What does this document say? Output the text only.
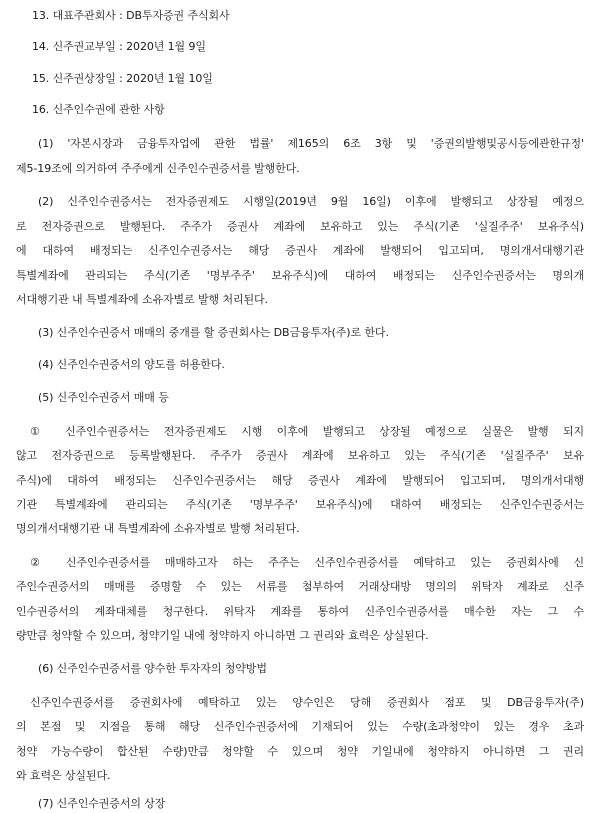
13. 대표주관회사 : DB투자증권 주식회사
14. 신주권교부일 : 2020년 1월 9일
15. 신주권상장일 : 2020년 1월 10일
16. 신주인수권에 관한 사항
(1) '자본시장과 금융투자업에 관한 법률' 제165의 6조 3항 및 '증권의발행및공시등에관한규정'
제5-19조에 의거하여 주주에게 신주인수권증서를 발행한다.
(2) 신주인수권증서는 전자증권제도 시행일(2019년 9월 16일) 이후에 발행되고 상장될 예정으
로 전자증권으로 발행된다. 주주가 증권사 계좌에 보유하고 있는 주식(기존 '실질주주' 보유주식)
에 대하여 배정되는 신주인수권증서는 해당 증권사 계좌에 발행되어 입고되며, 명의개서대행기관
특별계좌에 관리되는 주식(기존 '명부주주' 보유주식)에 대하여 배정되는 신주인수권증서는 명의개
서대행기관 내 특별계좌에 소유자별로 발행 처리된다.
(3) 신주인수권증서 매매의 중개를 할 증권회사는 DB금융투자(주)로 한다.
(4) 신주인수권증서의 양도를 허용한다.
(5) 신주인수권증서 매매 등
① 신주인수권증서는 전자증권제도 시행 이후에 발행되고 상장될 예정으로 실물은 발행 되지
않고 전자증권으로 등록발행된다. 주주가 증권사 계좌에 보유하고 있는 주식(기존 '실질주주' 보유
주식)에 대하여 배정되는 신주인수권증서는 해당 증권사 계좌에 발행되어 입고되며, 명의개서대행
기관 특별계좌에 관리되는 주식(기존 '명부주주' 보유주식)에 대하여 배정되는 신주인수권증서는
명의개서대행기관 내 특별계좌에 소유자별로 발행 처리된다.
② 신주인수권증서를 매매하고자 하는 주주는 신주인수권증서를 예탁하고 있는 증권회사에 신
주인수권증서의 매매를 증명할 수 있는 서류를 첨부하여 거래상대방 명의의 위탁자 계좌로 신주
인수권증서의 계좌대체를 청구한다. 위탁자 계좌를 통하여 신주인수권증서를 매수한 자는 그 수
량만큼 청약할 수 있으며, 청약기일 내에 청약하지 아니하면 그 권리와 효력은 상실된다.
(6) 신주인수권증서를 양수한 투자자의 청약방법
신주인수권증서를 증권회사에 예탁하고 있는 양수인은 당해 증권회사 점포 및 DB금융투자(주)
의 본점 및 지점을 통해 해당 신주인수권증서에 기재되어 있는 수량(초과청약이 있는 경우 초과
청약 가능수량이 합산된 수량)만큼 청약할 수 있으며 청약 기일내에 청약하지 아니하면 그 권리
와 효력은 상실된다.
(7) 신주인수권증서의 상장
